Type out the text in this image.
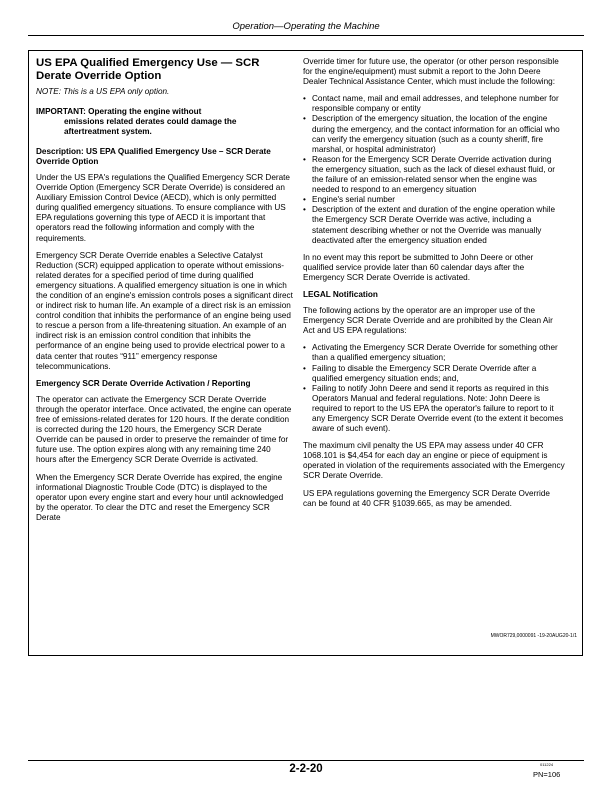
Operation—Operating the Machine
US EPA Qualified Emergency Use — SCR Derate Override Option
NOTE: This is a US EPA only option.
IMPORTANT: Operating the engine without
emissions related derates could damage the aftertreatment system.
Description: US EPA Qualified Emergency Use – SCR Derate Override Option

Under the US EPA's regulations the Qualified Emergency SCR Derate Override Option (Emergency SCR Derate Override) is considered an Auxiliary Emission Control Device (AECD), which is only permitted during qualified emergency situations. To ensure compliance with US EPA regulations governing this type of AECD it is important that operators read the following information and comply with the requirements.

Emergency SCR Derate Override enables a Selective Catalyst Reduction (SCR) equipped application to operate without emissions-related derates for a specified period of time during qualified emergency situations. A qualified emergency situation is one in which the condition of an engine's emission controls poses a significant direct or indirect risk to human life. An example of a direct risk is an emission control condition that inhibits the performance of an engine being used to rescue a person from a life-threatening situation. An example of an indirect risk is an emission control condition that inhibits the performance of an engine being used to provide electrical power to a data center that routes “911” emergency response telecommunications.

Emergency SCR Derate Override Activation / Reporting

The operator can activate the Emergency SCR Derate Override through the operator interface. Once activated, the engine can operate free of emissions-related derates for 120 hours. If the derate condition is corrected during the 120 hours, the Emergency SCR Derate Override can be paused in order to preserve the remainder of time for future use. The option expires along with any remaining time 240 hours after the Emergency SCR Derate Override is activated.

When the Emergency SCR Derate Override has expired, the engine informational Diagnostic Trouble Code (DTC) is displayed to the operator upon every engine start and every hour until acknowledged by the operator. To clear the DTC and reset the Emergency SCR Derate

Override timer for future use, the operator (or other person responsible for the engine/equipment) must submit a report to the John Deere Dealer Technical Assistance Center, which must include the following:

• Contact name, mail and email addresses, and telephone number for responsible company or entity
• Description of the emergency situation, the location of the engine during the emergency, and the contact information for an official who can verify the emergency situation (such as a county sheriff, fire marshal, or hospital administrator)
• Reason for the Emergency SCR Derate Override activation during the emergency situation, such as the lack of diesel exhaust fluid, or the failure of an emission-related sensor when the engine was needed to respond to an emergency situation
• Engine's serial number
• Description of the extent and duration of the engine operation while the Emergency SCR Derate Override was active, including a statement describing whether or not the Override was manually deactivated after the emergency situation ended

In no event may this report be submitted to John Deere or other qualified service provide later than 60 calendar days after the Emergency SCR Derate Override is activated.

LEGAL Notification

The following actions by the operator are an improper use of the Emergency SCR Derate Override and are prohibited by the Clean Air Act and US EPA regulations:

• Activating the Emergency SCR Derate Override for something other than a qualified emergency situation;
• Failing to disable the Emergency SCR Derate Override after a qualified emergency situation ends; and,
• Failing to notify John Deere and send it reports as required in this Operators Manual and federal regulations. Note: John Deere is required to report to the US EPA the operator's failure to report to it any Emergency SCR Derate Override event (to the extent it becomes aware of such event).

The maximum civil penalty the US EPA may assess under 40 CFR 1068.101 is $4,454 for each day an engine or piece of equipment is operated in violation of the requirements associated with the Emergency SCR Derate Override.

US EPA regulations governing the Emergency SCR Derate Override can be found at 40 CFR §1039.665, as may be amended.

MWOR729,0000091 -19-20AUG20-1/1
2-2-20	011224
PN=106
